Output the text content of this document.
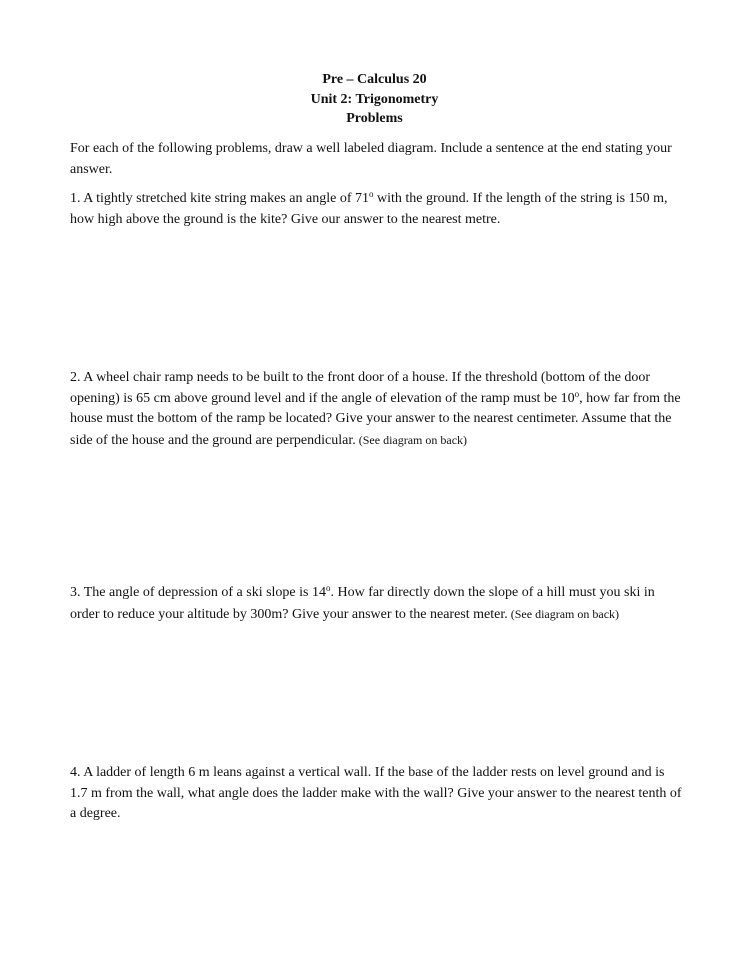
Pre – Calculus 20
Unit 2: Trigonometry
Problems
For each of the following problems, draw a well labeled diagram. Include a sentence at the end stating your answer.
1. A tightly stretched kite string makes an angle of 71$^o$ with the ground. If the length of the string is 150 m, how high above the ground is the kite? Give our answer to the nearest metre.
2. A wheel chair ramp needs to be built to the front door of a house. If the threshold (bottom of the door opening) is 65 cm above ground level and if the angle of elevation of the ramp must be 10$^o$, how far from the house must the bottom of the ramp be located? Give your answer to the nearest centimeter. Assume that the side of the house and the ground are perpendicular. (See diagram on back)
3. The angle of depression of a ski slope is 14$^o$. How far directly down the slope of a hill must you ski in order to reduce your altitude by 300m? Give your answer to the nearest meter. (See diagram on back)
4. A ladder of length 6 m leans against a vertical wall. If the base of the ladder rests on level ground and is 1.7 m from the wall, what angle does the ladder make with the wall? Give your answer to the nearest tenth of a degree.
